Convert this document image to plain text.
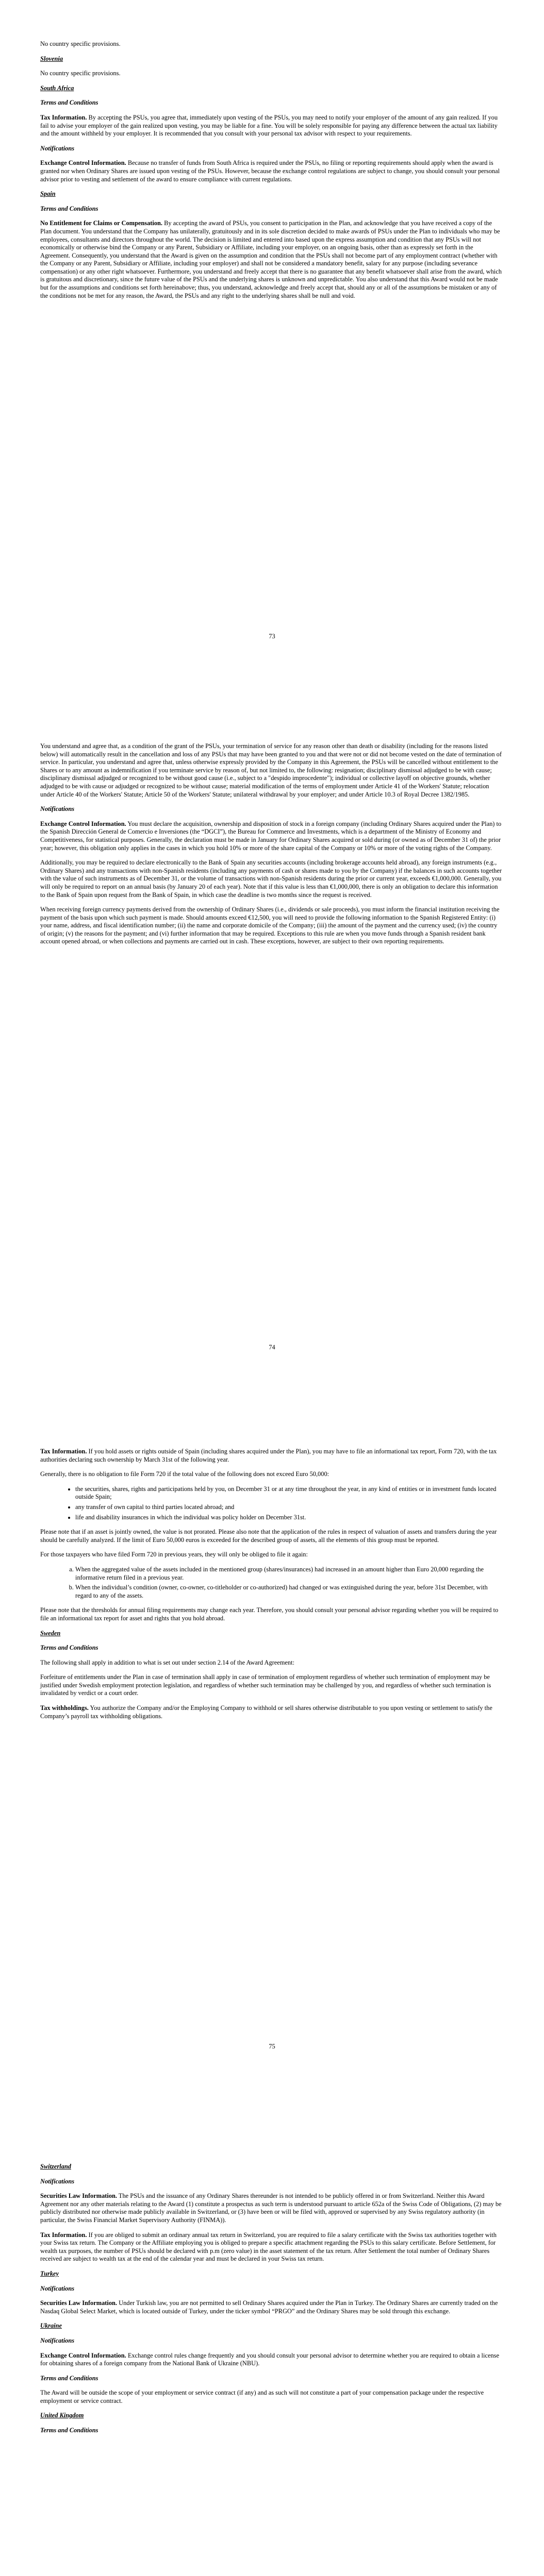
No country specific provisions.

Slovenia

No country specific provisions.

South Africa

Terms and Conditions

Tax Information. By accepting the PSUs, you agree that, immediately upon vesting of the PSUs, you may need to notify your employer of the amount of any gain realized. If you fail to advise your employer of the gain realized upon vesting, you may be liable for a fine. You will be solely responsible for paying any difference between the actual tax liability and the amount withheld by your employer. It is recommended that you consult with your personal tax advisor with respect to your requirements.

Notifications

Exchange Control Information. Because no transfer of funds from South Africa is required under the PSUs, no filing or reporting requirements should apply when the award is granted nor when Ordinary Shares are issued upon vesting of the PSUs. However, because the exchange control regulations are subject to change, you should consult your personal advisor prior to vesting and settlement of the award to ensure compliance with current regulations.

Spain

Terms and Conditions

No Entitlement for Claims or Compensation. By accepting the award of PSUs, you consent to participation in the Plan, and acknowledge that you have received a copy of the Plan document. You understand that the Company has unilaterally, gratuitously and in its sole discretion decided to make awards of PSUs under the Plan to individuals who may be employees, consultants and directors throughout the world. The decision is limited and entered into based upon the express assumption and condition that any PSUs will not economically or otherwise bind the Company or any Parent, Subsidiary or Affiliate, including your employer, on an ongoing basis, other than as expressly set forth in the Agreement. Consequently, you understand that the Award is given on the assumption and condition that the PSUs shall not become part of any employment contract (whether with the Company or any Parent, Subsidiary or Affiliate, including your employer) and shall not be considered a mandatory benefit, salary for any purpose (including severance compensation) or any other right whatsoever. Furthermore, you understand and freely accept that there is no guarantee that any benefit whatsoever shall arise from the award, which is gratuitous and discretionary, since the future value of the PSUs and the underlying shares is unknown and unpredictable. You also understand that this Award would not be made but for the assumptions and conditions set forth hereinabove; thus, you understand, acknowledge and freely accept that, should any or all of the assumptions be mistaken or any of the conditions not be met for any reason, the Award, the PSUs and any right to the underlying shares shall be null and void.

73

You understand and agree that, as a condition of the grant of the PSUs, your termination of service for any reason other than death or disability (including for the reasons listed below) will automatically result in the cancellation and loss of any PSUs that may have been granted to you and that were not or did not become vested on the date of termination of service. In particular, you understand and agree that, unless otherwise expressly provided by the Company in this Agreement, the PSUs will be cancelled without entitlement to the Shares or to any amount as indemnification if you terminate service by reason of, but not limited to, the following: resignation; disciplinary dismissal adjudged to be with cause; disciplinary dismissal adjudged or recognized to be without good cause (i.e., subject to a "despido improcedente"); individual or collective layoff on objective grounds, whether adjudged to be with cause or adjudged or recognized to be without cause; material modification of the terms of employment under Article 41 of the Workers' Statute; relocation under Article 40 of the Workers' Statute; Article 50 of the Workers' Statute; unilateral withdrawal by your employer; and under Article 10.3 of Royal Decree 1382/1985.

Notifications

Exchange Control Information. You must declare the acquisition, ownership and disposition of stock in a foreign company (including Ordinary Shares acquired under the Plan) to the Spanish Dirección General de Comercio e Inversiones (the “DGCI”), the Bureau for Commerce and Investments, which is a department of the Ministry of Economy and Competitiveness, for statistical purposes. Generally, the declaration must be made in January for Ordinary Shares acquired or sold during (or owned as of December 31 of) the prior year; however, this obligation only applies in the cases in which you hold 10% or more of the share capital of the Company or 10% or more of the voting rights of the Company.

Additionally, you may be required to declare electronically to the Bank of Spain any securities accounts (including brokerage accounts held abroad), any foreign instruments (e.g., Ordinary Shares) and any transactions with non-Spanish residents (including any payments of cash or shares made to you by the Company) if the balances in such accounts together with the value of such instruments as of December 31, or the volume of transactions with non-Spanish residents during the prior or current year, exceeds €1,000,000. Generally, you will only be required to report on an annual basis (by January 20 of each year). Note that if this value is less than €1,000,000, there is only an obligation to declare this information to the Bank of Spain upon request from the Bank of Spain, in which case the deadline is two months since the request is received.

When receiving foreign currency payments derived from the ownership of Ordinary Shares (i.e., dividends or sale proceeds), you must inform the financial institution receiving the payment of the basis upon which such payment is made. Should amounts exceed €12,500, you will need to provide the following information to the Spanish Registered Entity: (i) your name, address, and fiscal identification number; (ii) the name and corporate domicile of the Company; (iii) the amount of the payment and the currency used; (iv) the country of origin; (v) the reasons for the payment; and (vi) further information that may be required. Exceptions to this rule are when you move funds through a Spanish resident bank account opened abroad, or when collections and payments are carried out in cash. These exceptions, however, are subject to their own reporting requirements.

74

Tax Information. If you hold assets or rights outside of Spain (including shares acquired under the Plan), you may have to file an informational tax report, Form 720, with the tax authorities declaring such ownership by March 31st of the following year.

Generally, there is no obligation to file Form 720 if the total value of the following does not exceed Euro 50,000:

• the securities, shares, rights and participations held by you, on December 31 or at any time throughout the year, in any kind of entities or in investment funds located outside Spain;
• any transfer of own capital to third parties located abroad; and
• life and disability insurances in which the individual was policy holder on December 31st.

Please note that if an asset is jointly owned, the value is not prorated. Please also note that the application of the rules in respect of valuation of assets and transfers during the year should be carefully analyzed. If the limit of Euro 50,000 euros is exceeded for the described group of assets, all the elements of this group must be reported.

For those taxpayers who have filed Form 720 in previous years, they will only be obliged to file it again:

a. When the aggregated value of the assets included in the mentioned group (shares/insurances) had increased in an amount higher than Euro 20,000 regarding the informative return filed in a previous year.
b. When the individual’s condition (owner, co-owner, co-titleholder or co-authorized) had changed or was extinguished during the year, before 31st December, with regard to any of the assets.

Please note that the thresholds for annual filing requirements may change each year. Therefore, you should consult your personal advisor regarding whether you will be required to file an informational tax report for asset and rights that you hold abroad.

Sweden

Terms and Conditions

The following shall apply in addition to what is set out under section 2.14 of the Award Agreement:

Forfeiture of entitlements under the Plan in case of termination shall apply in case of termination of employment regardless of whether such termination of employment may be justified under Swedish employment protection legislation, and regardless of whether such termination may be challenged by you, and regardless of whether such termination is invalidated by verdict or a court order.

Tax withholdings. You authorize the Company and/or the Employing Company to withhold or sell shares otherwise distributable to you upon vesting or settlement to satisfy the Company’s payroll tax withholding obligations.

75

Switzerland

Notifications

Securities Law Information. The PSUs and the issuance of any Ordinary Shares thereunder is not intended to be publicly offered in or from Switzerland. Neither this Award Agreement nor any other materials relating to the Award (1) constitute a prospectus as such term is understood pursuant to article 652a of the Swiss Code of Obligations, (2) may be publicly distributed nor otherwise made publicly available in Switzerland, or (3) have been or will be filed with, approved or supervised by any Swiss regulatory authority (in particular, the Swiss Financial Market Supervisory Authority (FINMA)).

Tax Information. If you are obliged to submit an ordinary annual tax return in Switzerland, you are required to file a salary certificate with the Swiss tax authorities together with your Swiss tax return. The Company or the Affiliate employing you is obliged to prepare a specific attachment regarding the PSUs to this salary certificate. Before Settlement, for wealth tax purposes, the number of PSUs should be declared with p.m (zero value) in the asset statement of the tax return. After Settlement the total number of Ordinary Shares received are subject to wealth tax at the end of the calendar year and must be declared in your Swiss tax return.

Turkey

Notifications

Securities Law Information. Under Turkish law, you are not permitted to sell Ordinary Shares acquired under the Plan in Turkey. The Ordinary Shares are currently traded on the Nasdaq Global Select Market, which is located outside of Turkey, under the ticker symbol “PRGO” and the Ordinary Shares may be sold through this exchange.

Ukraine

Notifications

Exchange Control Information. Exchange control rules change frequently and you should consult your personal advisor to determine whether you are required to obtain a license for obtaining shares of a foreign company from the National Bank of Ukraine (NBU).

Terms and Conditions

The Award will be outside the scope of your employment or service contract (if any) and as such will not constitute a part of your compensation package under the respective employment or service contract.

United Kingdom

Terms and Conditions
